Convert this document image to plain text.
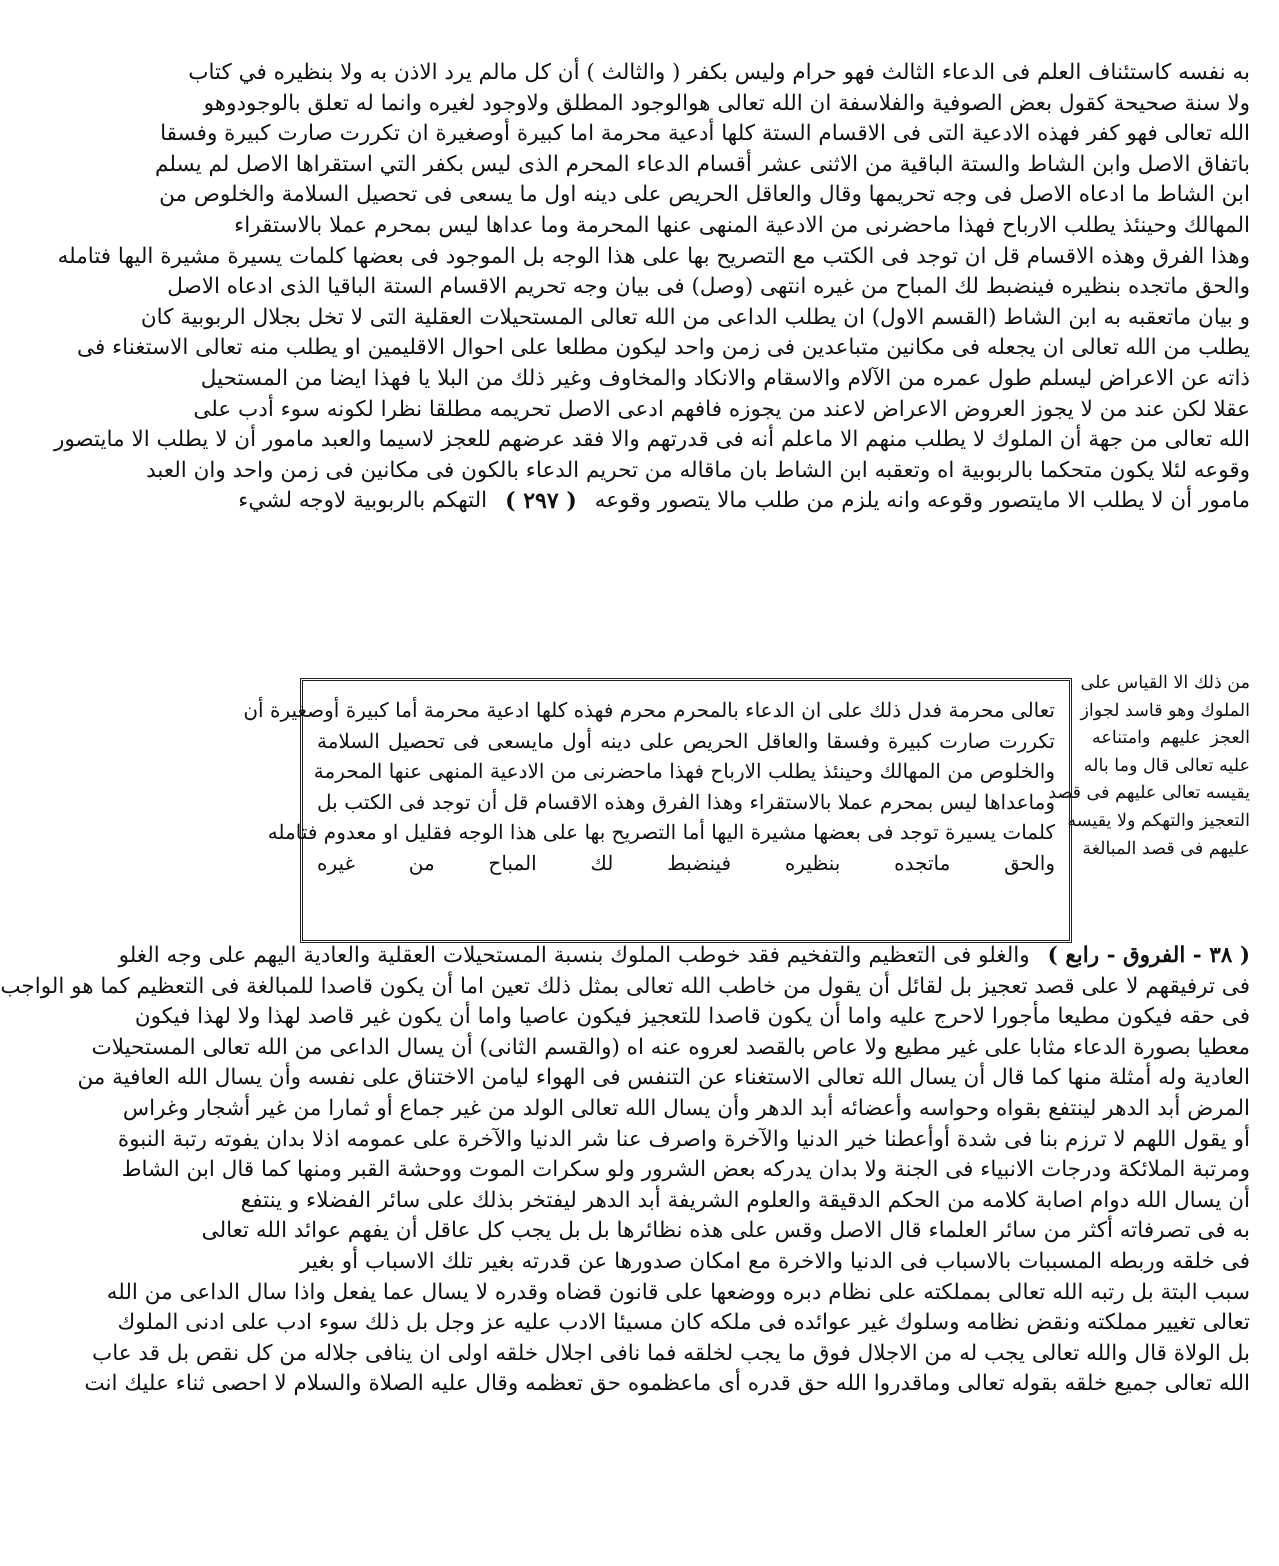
به نفسه كاستئناف العلم فى الدعاء الثالث فهو حرام وليس بكفر ( والثالث ) أن كل مالم يرد الاذن به ولا بنظيره في كتاب
ولا سنة صحيحة كقول بعض الصوفية والفلاسفة ان الله تعالى هوالوجود المطلق ولاوجود لغيره وانما له تعلق بالوجودوهو
الله تعالى فهو كفر فهذه الادعية التى فى الاقسام الستة كلها أدعية محرمة اما كبيرة أوصغيرة ان تكررت صارت كبيرة وفسقا
باتفاق الاصل وابن الشاط والستة الباقية من الاثنى عشر أقسام الدعاء المحرم الذى ليس بكفر التي استقراها الاصل لم يسلم
ابن الشاط ما ادعاه الاصل فى وجه تحريمها وقال والعاقل الحريص على دينه اول ما يسعى فى تحصيل السلامة والخلوص من
المهالك وحينئذ يطلب الارباح فهذا ماحضرنى من الادعية المنهى عنها المحرمة وما عداها ليس بمحرم عملا بالاستقراء
وهذا الفرق وهذه الاقسام قل ان توجد فى الكتب مع التصريح بها على هذا الوجه بل الموجود فى بعضها كلمات يسيرة مشيرة اليها فتامله
والحق ماتجده بنظيره فينضبط لك المباح من غيره انتهى (وصل) فى بيان وجه تحريم الاقسام الستة الباقيا الذى ادعاه الاصل
و بيان ماتعقبه به ابن الشاط (القسم الاول) ان يطلب الداعى من الله تعالى المستحيلات العقلية التى لا تخل بجلال الربوبية كان
يطلب من الله تعالى ان يجعله فى مكانين متباعدين فى زمن واحد ليكون مطلعا على احوال الاقليمين او يطلب منه تعالى الاستغناء فى
ذاته عن الاعراض ليسلم طول عمره من الآلام والاسقام والانكاد والمخاوف وغير ذلك من البلا يا فهذا ايضا من المستحيل
عقلا لكن عند من لا يجوز العروض الاعراض لاعند من يجوزه فافهم ادعى الاصل تحريمه مطلقا نظرا لكونه سوء أدب على
الله تعالى من جهة أن الملوك لا يطلب منهم الا ماعلم أنه فى قدرتهم والا فقد عرضهم للعجز لاسيما والعبد مامور أن لا يطلب الا مايتصور
وقوعه لئلا يكون متحكما بالربوبية اه وتعقبه ابن الشاط بان ماقاله من تحريم الدعاء بالكون فى مكانين فى زمن واحد وان العبد
مامور أن لا يطلب الا مايتصور وقوعه وانه يلزم من طلب مالا يتصور وقوعه
( ٢٩٧ )
التهكم بالربوبية لاوجه لشيء
من ذلك الا القياس على
الملوك وهو قاسد لجواز
العجز عليهم وامتناعه
عليه تعالى قال وما باله
يقيسه تعالى عليهم فى قصد
التعجيز والتهكم ولا يقيسه
عليهم فى قصد المبالغة
تعالى محرمة فدل ذلك على ان الدعاء بالمحرم محرم فهذه كلها ادعية محرمة أما كبيرة أوصغيرة أن
تكررت صارت كبيرة وفسقا والعاقل الحريص على دينه أول مايسعى فى تحصيل السلامة
والخلوص من المهالك وحينئذ يطلب الارباح فهذا ماحضرنى من الادعية المنهى عنها المحرمة
وماعداها ليس بمحرم عملا بالاستقراء وهذا الفرق وهذه الاقسام قل أن توجد فى الكتب بل
كلمات يسيرة توجد فى بعضها مشيرة اليها أما التصريح بها على هذا الوجه فقليل او معدوم فتامله
والحق ماتجده بنظيره فينضبط لك المباح من غيره
( ٣٨ - الفروق - رابع )
والغلو فى التعظيم والتفخيم فقد خوطب الملوك بنسبة المستحيلات العقلية والعادية اليهم على وجه الغلو
فى ترفيقهم لا على قصد تعجيز بل لقائل أن يقول من خاطب الله تعالى بمثل ذلك تعين اما أن يكون قاصدا للمبالغة فى التعظيم كما هو الواجب
فى حقه فيكون مطيعا مأجورا لاحرج عليه واما أن يكون قاصدا للتعجيز فيكون عاصيا واما أن يكون غير قاصد لهذا ولا لهذا فيكون
معطيا بصورة الدعاء مثابا على غير مطيع ولا عاص بالقصد لعروه عنه اه (والقسم الثانى) أن يسال الداعى من الله تعالى المستحيلات
العادية وله أمثلة منها كما قال أن يسال الله تعالى الاستغناء عن التنفس فى الهواء ليامن الاختناق على نفسه وأن يسال الله العافية من
المرض أبد الدهر لينتفع بقواه وحواسه وأعضائه أبد الدهر وأن يسال الله تعالى الولد من غير جماع أو ثمارا من غير أشجار وغراس
أو يقول اللهم لا ترزم بنا فى شدة أوأعطنا خير الدنيا والآخرة واصرف عنا شر الدنيا والآخرة على عمومه اذلا بدان يفوته رتبة النبوة
ومرتبة الملائكة ودرجات الانبياء فى الجنة ولا بدان يدركه بعض الشرور ولو سكرات الموت ووحشة القبر ومنها كما قال ابن الشاط
أن يسال الله دوام اصابة كلامه من الحكم الدقيقة والعلوم الشريفة أبد الدهر ليفتخر بذلك على سائر الفضلاء و ينتفع
به فى تصرفاته أكثر من سائر العلماء قال الاصل وقس على هذه نظائرها بل بل يجب كل عاقل أن يفهم عوائد الله تعالى
فى خلقه وربطه المسببات بالاسباب فى الدنيا والاخرة مع امكان صدورها عن قدرته بغير تلك الاسباب أو بغير
سبب البتة بل رتبه الله تعالى بمملكته على نظام دبره ووضعها على قانون قضاه وقدره لا يسال عما يفعل واذا سال الداعى من الله
تعالى تغيير مملكته ونقض نظامه وسلوك غير عوائده فى ملكه كان مسيئا الادب عليه عز وجل بل ذلك سوء ادب على ادنى الملوك
بل الولاة قال والله تعالى يجب له من الاجلال فوق ما يجب لخلقه فما نافى اجلال خلقه اولى ان ينافى جلاله من كل نقص بل قد عاب
الله تعالى جميع خلقه بقوله تعالى وماقدروا الله حق قدره أى ماعظموه حق تعظمه وقال عليه الصلاة والسلام لا احصى ثناء عليك انت
